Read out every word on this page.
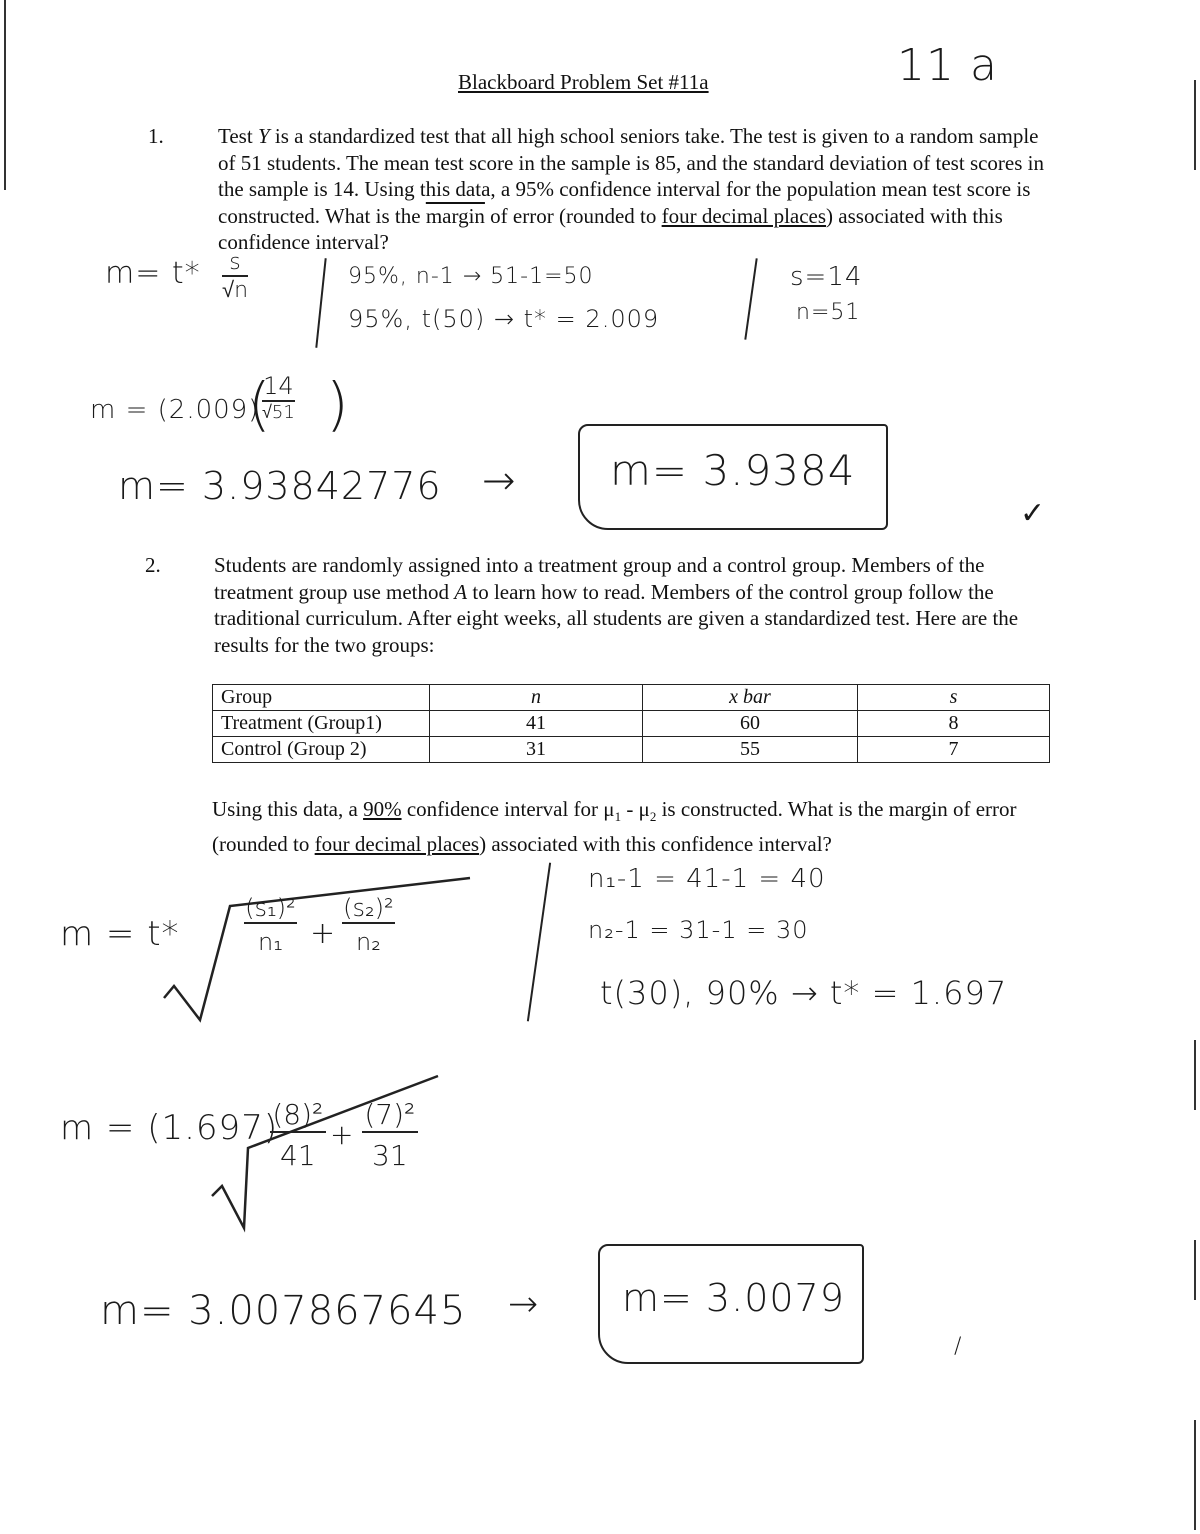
Blackboard Problem Set #11a	11 a
1.	Test Y is a standardized test that all high school seniors take. The test is given to a random sample of 51 students. The mean test score in the sample is 85, and the standard deviation of test scores in the sample is 14. Using this data, a 95% confidence interval for the population mean test score is constructed. What is the margin of error (rounded to four decimal places) associated with this confidence interval?
$m= t* \frac{s}{√n}$	95%, n-1 → 51-1=50
95%, t(50) → t* = 2.009
s=14
n=51
m = (2.009)
14
√51
( )
m= 3.93842776 → m= 3.9384
✓
2.	Students are randomly assigned into a treatment group and a control group. Members of the treatment group use method A to learn how to read. Members of the control group follow the traditional curriculum. After eight weeks, all students are given a standardized test. Here are the results for the two groups:
Group	n	x bar	s
Treatment (Group1)	41	60	8
Control (Group 2)	31	55	7
Using this data, a 90% confidence interval for $\mu_1 - \mu_2$ is constructed. What is the margin of error (rounded to four decimal places) associated with this confidence interval?
m = t*	$\frac{\text{(s₁)²}}{\text{n₁}} + \frac{\text{(s₂)²}}{\text{n₂}}$
n₁-1 = 41-1 = 40
n₂-1 = 31-1 = 30
t(30), 90% → t* = 1.697
m = (1.697)
$\frac{\text{(8)²}}{41} + \frac{\text{(7)²}}{31}$
m= 3.007867645 → m= 3.0079
/
